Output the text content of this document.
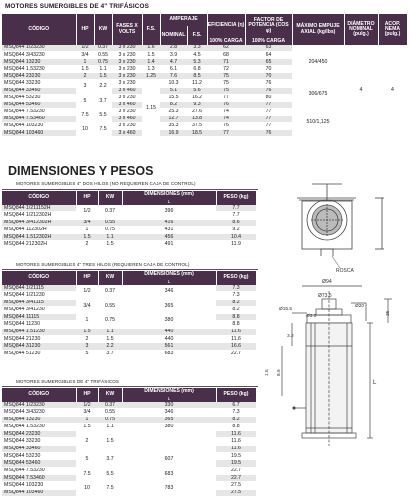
MOTORES SUMERGIBLES DE 4" TRIFÁSICOS
CÓDIGO	HP	KW	FASES X VOLTS	F.S.	AMPERAJE		EFICIENCIA (η)	FACTOR DE POTENCIA (COS φ)	MÁXIMO EMPUJE AXIAL (kg/lbs)	DIÁMETRO NOMINAL (pulg.)	ACOP. NEMA (pulg.)
					NOMINAL	F.S.					
							100% CARGA	100% CARGA			
MSQ844 1/23230	1/2	0.37	3 x 230	1.6	2.8	3.3	62	63	204/450	4	4
MSQ844 3/43230	3/4	0.55	3 x 230	1.5	3.9	4.5	68	64			
MSQ844 13230	1	0.75	3 x 230	1.4	4.7	5.3	71	65			
MSQ844 1.53230	1.5	1.1	3 x 230	1.3	6.1	6.8	72	70			
MSQ844 23230	2	1.5	3 x 230	1.25	7.6	8.5	75	70			
MSQ844 33230	3	2.2	3 x 230	1.15	10.3	11.2	75	76	306/675		
MSQ844 33460			3 x 460		5.1	5.6	75	76			
MSQ844 53230	5	3.7	3 x 230		15.5	16.2	77	80			
MSQ844 53460			3 x 460		8.2	9.3	76	77			
MSQ844 7.53230	7.5	5.5	3 x 230		25.3	27.6	74	77	510/1,125		
MSQ844 7.53460			3 x 460		12.7	13.8	74	77			
MSQ844 103230	10	7.5	3 x 230		35.3	37.5	76	77			
MSQ844 103460			3 x 460		16.9	18.5	77	76			
DIMENSIONES Y PESOS
MOTORES SUMERGIBLES 4" DOS HILOS (NO REQUIEREN CAJA DE CONTROL)
CÓDIGO	HP	KW	DIMENSIONES (mm)	PESO (kg)
			L	
MSQ844 1/211152H	1/2	0.37	396	7.7
MSQ844 1/212302H				7.7
MSQ844 3/412302H	3/4	0.55	416	8.6
MSQ844 112302H	1	0.75	431	9.2
MSQ844 1.512302H	1.5	1.1	456	10.4
MSQ844 212302H	2	1.5	491	11.9
MOTORES SUMERGIBLES 4" TRES HILOS (REQUIEREN CAJA DE CONTROL)
CÓDIGO	HP	KW	DIMENSIONES (mm)	PESO (kg)
			L	
MSQ844 1/21115	1/2	0.37	346	7.3
MSQ844 1/21230				7.3
MSQ844 3/41115	3/4	0.55	365	8.2
MSQ844 3/41230				8.2
MSQ844 11115	1	0.75	380	8.8
MSQ844 11230				8.8
MSQ844 1.51230	1.5	1.1	440	11.6
MSQ844 21230	2	1.5	440	11.6
MSQ844 31230	3	2.2	561	16.6
MSQ844 51230	5	3.7	683	22.7
MOTORES SUMERGIBLES DE 4" TRIFÁSICOS
CÓDIGO	HP	KW	DIMENSIONES (mm)	PESO (kg)
			L	
MSQ844 1/23230	1/2	0.37	330	6.7
MSQ844 3/43230	3/4	0.55	346	7.3
MSQ844 13230	1	0.75	365	8.2
MSQ844 1.53230	1.5	1.1	380	8.8
MSQ844 23230	2	1.5		11.6
MSQ844 33230				11.6
MSQ844 33460				11.6
MSQ844 53230	5	3.7	607	19.5
MSQ844 53460				19.5
MSQ844 7.53230	7.5	5.5	683	22.7
MSQ844 7.53460				22.7
MSQ844 103230	10	7.5	783	27.5
MSQ844 103460				27.5
ROSCA
Ø94
Ø73.5
Ø15.5
Ø3.5
Ø20
3.2
L
35
8.9
1.5
